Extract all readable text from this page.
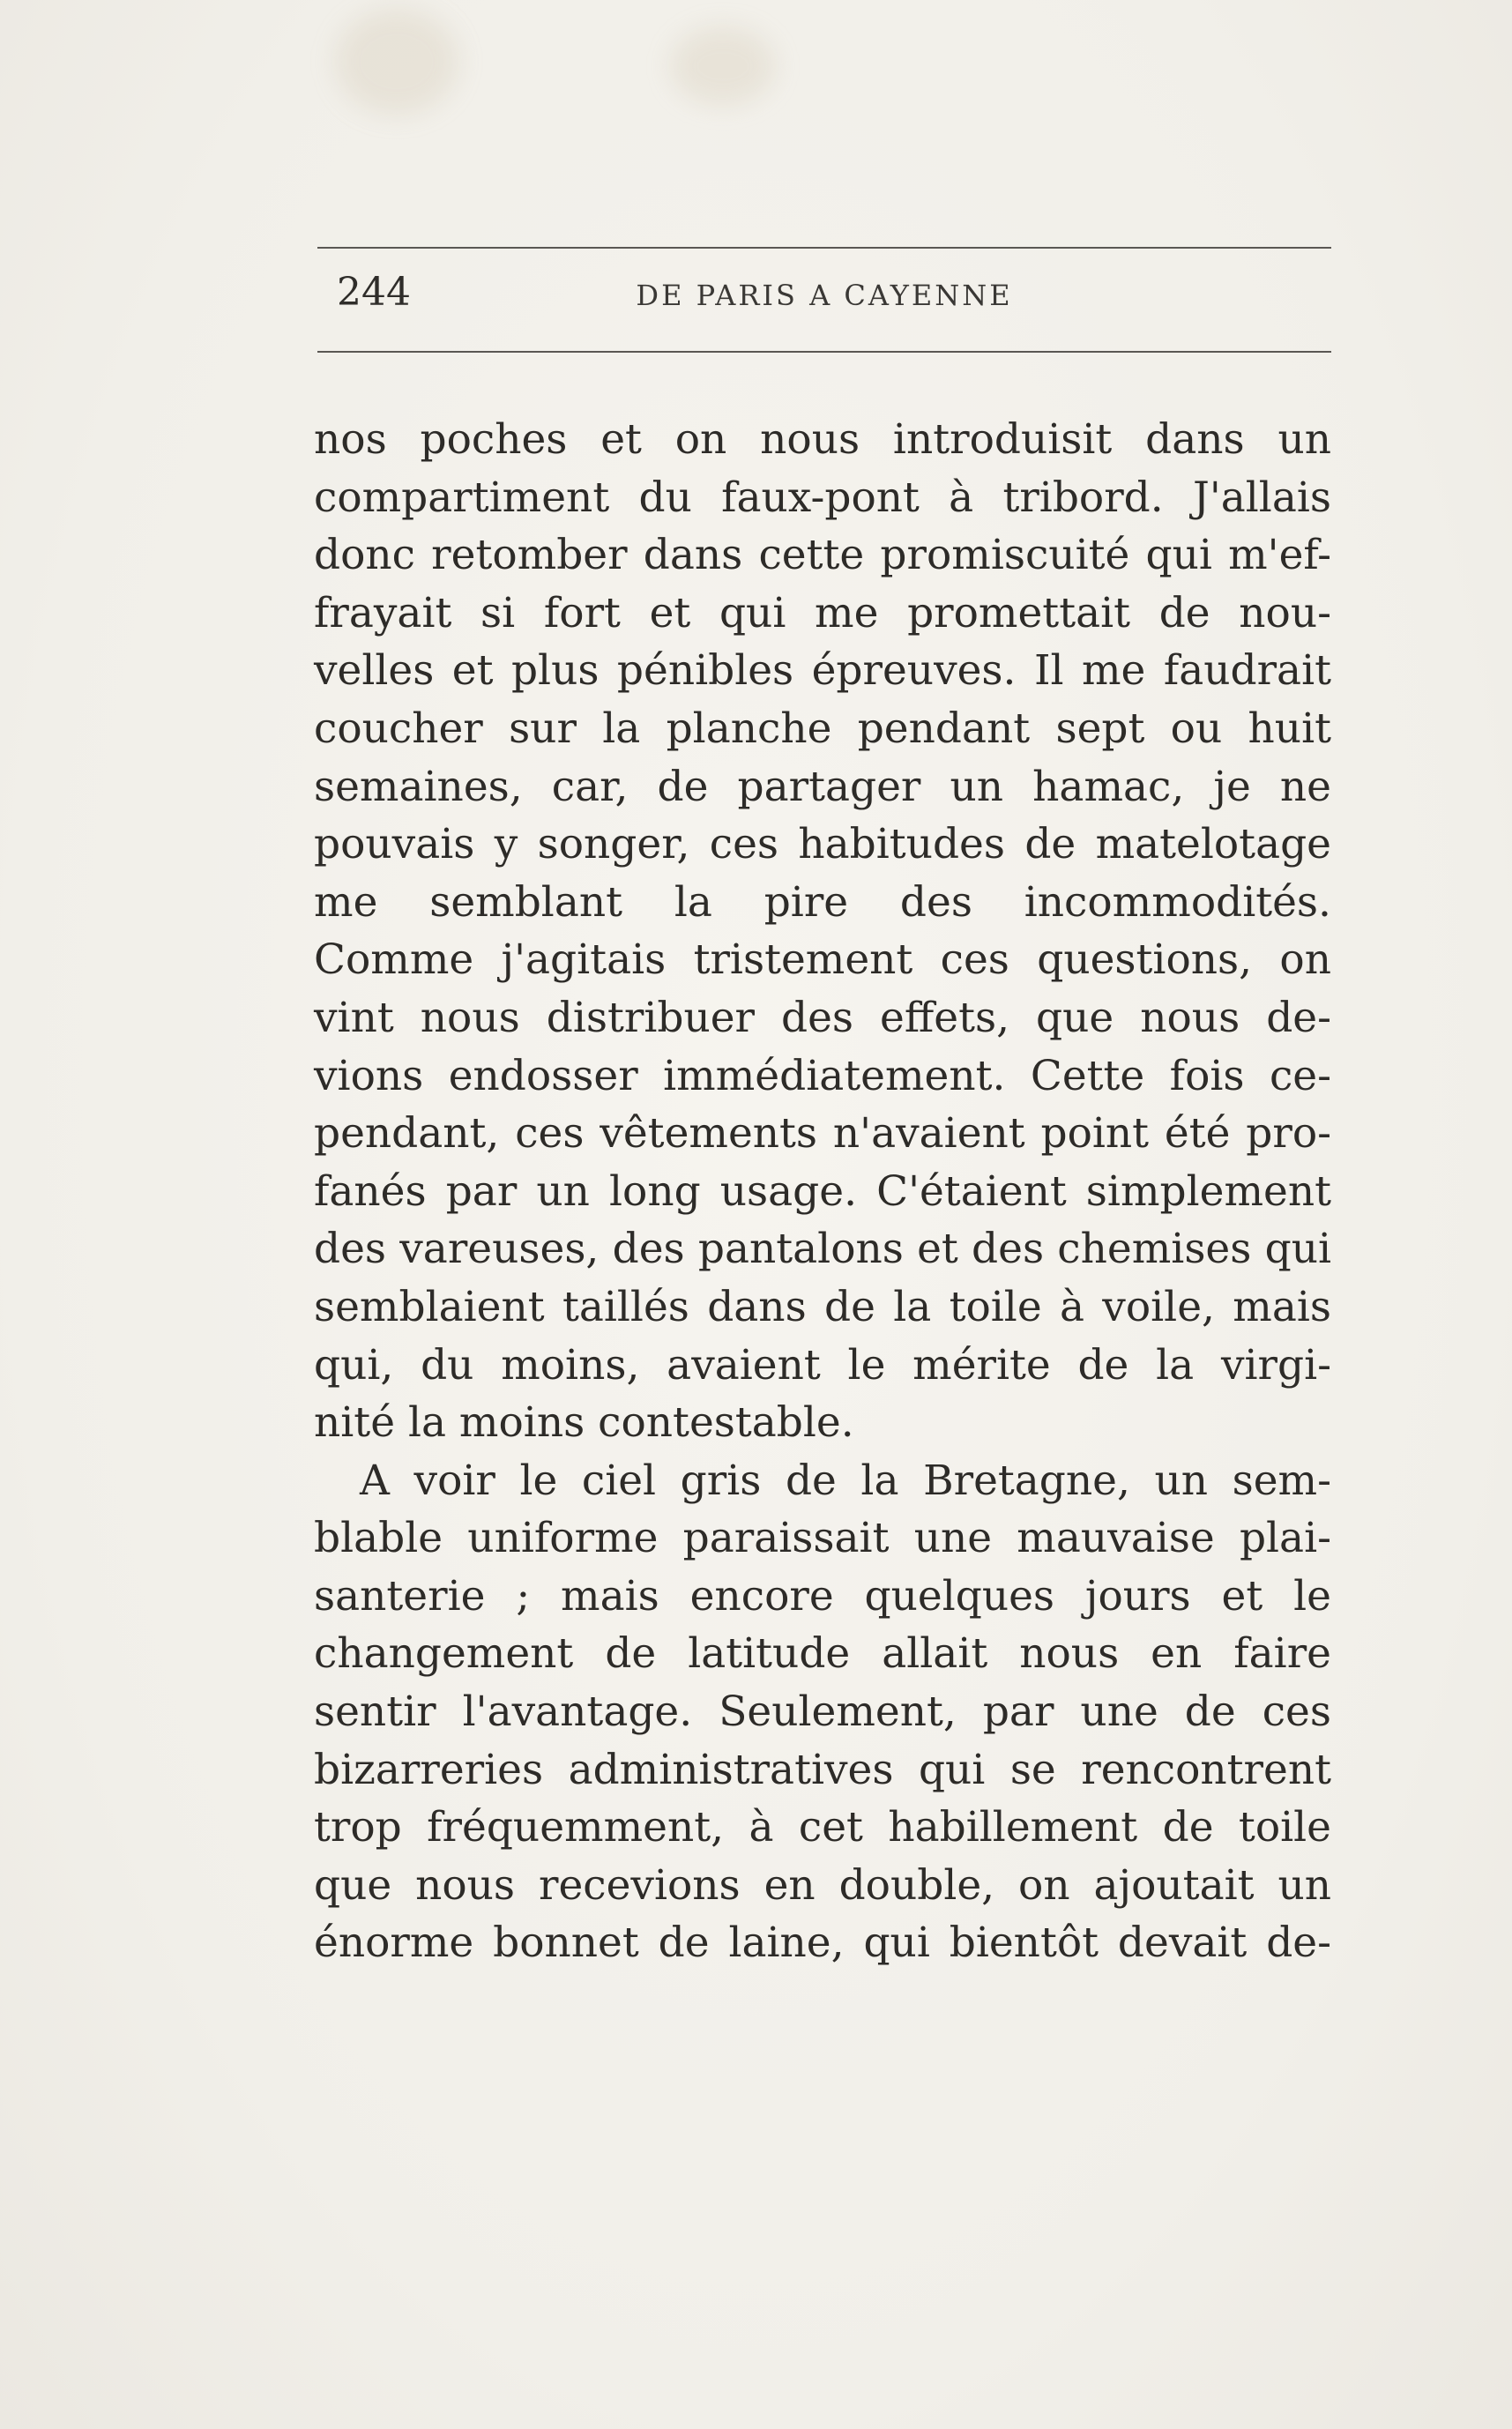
244	DE PARIS A CAYENNE
nos poches et on nous introduisit dans un
compartiment du faux-pont à tribord. J'allais
donc retomber dans cette promiscuité qui m'ef-
frayait si fort et qui me promettait de nou-
velles et plus pénibles épreuves. Il me faudrait
coucher sur la planche pendant sept ou huit
semaines, car, de partager un hamac, je ne
pouvais y songer, ces habitudes de matelotage
me semblant la pire des incommodités.
Comme j'agitais tristement ces questions, on
vint nous distribuer des effets, que nous de-
vions endosser immédiatement. Cette fois ce-
pendant, ces vêtements n'avaient point été pro-
fanés par un long usage. C'étaient simplement
des vareuses, des pantalons et des chemises qui
semblaient taillés dans de la toile à voile, mais
qui, du moins, avaient le mérite de la virgi-
nité la moins contestable.
A voir le ciel gris de la Bretagne, un sem-
blable uniforme paraissait une mauvaise plai-
santerie ; mais encore quelques jours et le
changement de latitude allait nous en faire
sentir l'avantage. Seulement, par une de ces
bizarreries administratives qui se rencontrent
trop fréquemment, à cet habillement de toile
que nous recevions en double, on ajoutait un
énorme bonnet de laine, qui bientôt devait de-
